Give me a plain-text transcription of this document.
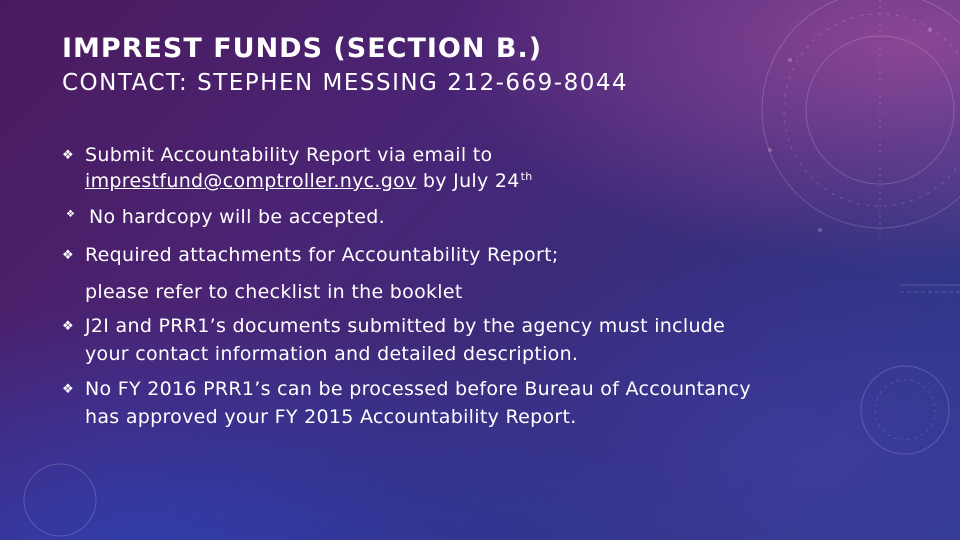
IMPREST FUNDS (SECTION B.)
CONTACT: STEPHEN MESSING 212-669-8044
❖ Submit Accountability Report via email to
imprestfund@comptroller.nyc.gov by July 24th
❖ No hardcopy will be accepted.
❖ Required attachments for Accountability Report;
please refer to checklist in the booklet
❖ J2I and PRR1’s documents submitted by the agency must include
your contact information and detailed description.
❖ No FY 2016 PRR1’s can be processed before Bureau of Accountancy
has approved your FY 2015 Accountability Report.
